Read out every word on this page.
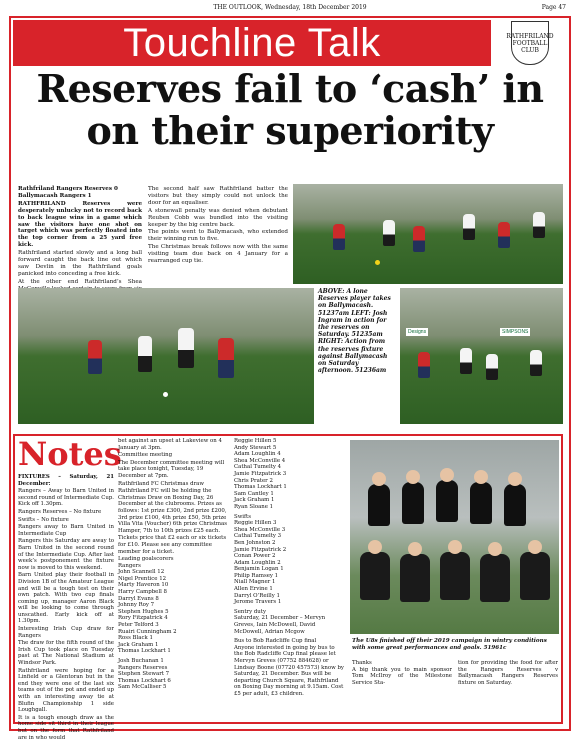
THE OUTLOOK, Wednesday, 18th December 2019	Page 47
Touchline Talk	RATHFRILAND FOOTBALL CLUB
Reserves fail to ‘cash’ in on their superiority

Rathfriland Rangers Reserves 0
Ballymacash Rangers 1

RATHFRILAND Reserves were desperately unlucky not to record back to back league wins in a game which saw the visitors have one shot on target which was perfectly floated into the top corner from a 25 yard free kick.

Rathfriland started slowly and a long ball forward caught the back line out which saw Devlin in the Rathfriland goals panicked into conceding a free kick.

At the other end Rathfriland’s Shea

The second half saw Rathfriland batter the visitors but they simply could not unlock the door for an equaliser.

A stonewall penalty was denied when debutant Reuben Cobb was bundled into the visiting keeper by the big centre back.

The points went to Ballymacash, who extended their winning run to five.

The Christmas break follows now with the same visiting team due back on 4 January for a rearranged cup tie.

ABOVE: A lone Reserves player takes on Ballymacash. 51237am LEFT: Josh Ingram in action for the reserves on Saturday. 51235am RIGHT: Action from the reserves fixture against Ballymacash on Saturday afternoon. 51236am
Designs	SIMPSONS
Notes

FIXTURES – Saturday, 21 December:

Rangers – Away to Barn United in second round of Intermediate Cup. Kick off 1.30pm.

Rangers Reserves – No fixture

Swifts – No fixture

Rangers away to Barn United in Intermediate Cup

Rangers this Saturday are away to Barn United in the second round of the Intermediate Cup. After last week’s postponement the fixture now is moved to this weekend.

Barn United play their football in Division 1B of the Amateur League and will be a tough test on their own patch. With two cup finals coming up, manager Aaron Black will be looking to come through unscathed. Early kick off at 1.30pm.

Interesting Irish Cup draw for Rangers

The draw for the fifth round of the Irish Cup took place on Tuesday past at The National Stadium at Windsor Park.

Rathfriland were hoping for a Linfield or a Glentoran but in the end they were one of the last six teams out of the pot and ended up with an interesting away tie at Blufin Championship 1 side Loughgall.

It is a tough enough draw as the home side sit third in their league but on the form that Rathfriland are in who would

bet against an upset at Lakeview on 4 January at 3pm.

Committee meeting

The December committee meeting will take place tonight, Tuesday, 19 December at 7pm.

Rathfriland FC Christmas draw

Rathfriland FC will be holding the Christmas Draw on Boxing Day, 26 December at the clubrooms. Prizes as follows: 1st prize £300, 2nd prize £200, 3rd prize £100, 4th prize £50, 5th prize Villa Vita (Voucher) 6th prize Christmas Hamper, 7th to 10th prizes £25 each.

Tickets price that £2 each or six tickets for £10. Please see any committee member for a ticket.

Leading goalscorers
Rangers
John Scannell 12
Nigel Prentice 12
Marty Haveron 10
Harry Campbell 8
Darryl Evans 8
Johnny Roy 7
Stephen Hughes 5
Rory Fitzpatrick 4
Peter Telford 3
Ruairi Cunningham 2
Ross Black 1
Jack Graham 1
Thomas Lockhart 1
Josh Buchanan 1
Rangers Reserves
Stephen Stewart 7
Thomas Lockhart 6
Sam McCalliser 5
Reggie Hillen 5
Andy Stewart 5
Adam Loughlin 4
Shea McConville 4
Cathal Tumelty 4
Jamie Fitzpatrick 3
Chris Prater 2
Thomas Lockhart 1
Sam Cantley 1
Jack Graham 1
Ryan Sloane 1
Swifts
Reggie Hillen 3
Shea McConville 3
Cathal Tumelty 3
Ben Johnston 2
Jamie Fitzpatrick 2
Conan Power 2
Adam Loughlin 2
Benjamin Logan 1
Philip Ramsey 1
Niall Magner 1
Allen Ervine 1
Darryl O’Reilly 1
Jerome Travers 1
Sentry duty

Saturday, 21 December – Mervyn Greves, Iain McDowell, David McDowell, Adrian Mcgow

Bus to Bob Radcliffe Cup final

Anyone interested in going by bus to the Bob Radcliffe Cup final please let Mervyn Greves (07752 884628) or Lindsay Boone (07720 457573) know by Saturday, 21 December. Bus will be departing Church Square, Rathfriland on Boxing Day morning at 9.15am. Cost £5 per adult, £3 children.

The U8s finished off their 2019 campaign in wintry conditions with some great performances and goals. 51961c
Thanks
A big thank you to main sponsor Tom McIlroy of the Milestone Service Sta-
tion for providing the food for after the Rangers Reserves v Ballymacash Rangers Reserves fixture on Saturday.
